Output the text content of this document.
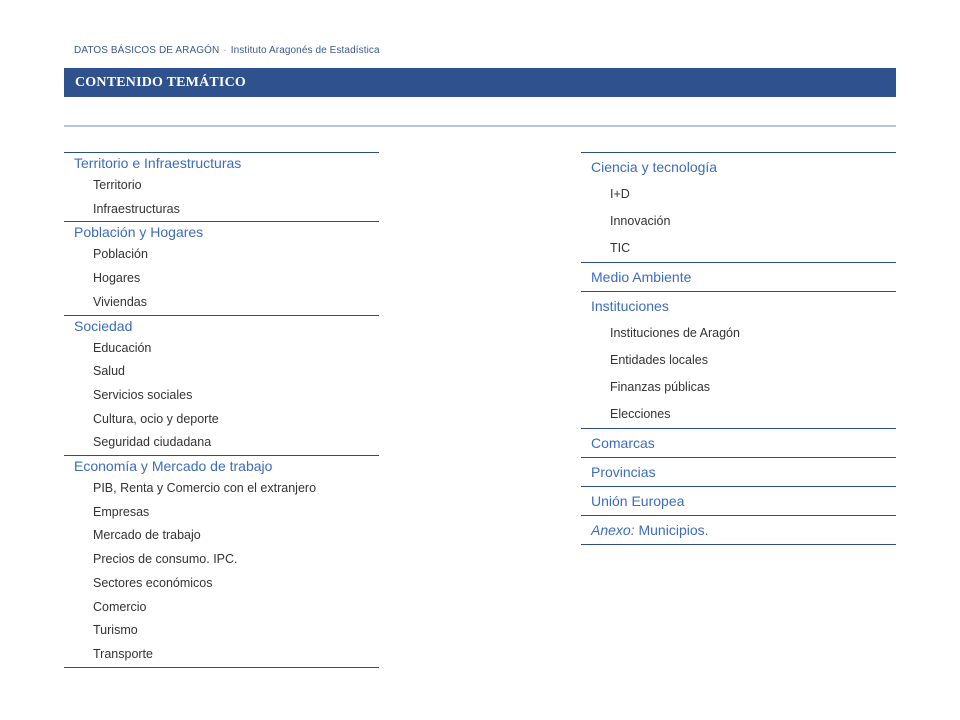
DATOS BÁSICOS DE ARAGÓN · Instituto Aragonés de Estadística
CONTENIDO TEMÁTICO
Territorio e Infraestructuras
Territorio
Infraestructuras
Población y Hogares
Población
Hogares
Viviendas
Sociedad
Educación
Salud
Servicios sociales
Cultura, ocio y deporte
Seguridad ciudadana
Economía y Mercado de trabajo
PIB, Renta y Comercio con el extranjero
Empresas
Mercado de trabajo
Precios de consumo. IPC.
Sectores económicos
Comercio
Turismo
Transporte
Ciencia y tecnología
I+D
Innovación
TIC
Medio Ambiente
Instituciones
Instituciones de Aragón
Entidades locales
Finanzas públicas
Elecciones
Comarcas
Provincias
Unión Europea
Anexo: Municipios.
